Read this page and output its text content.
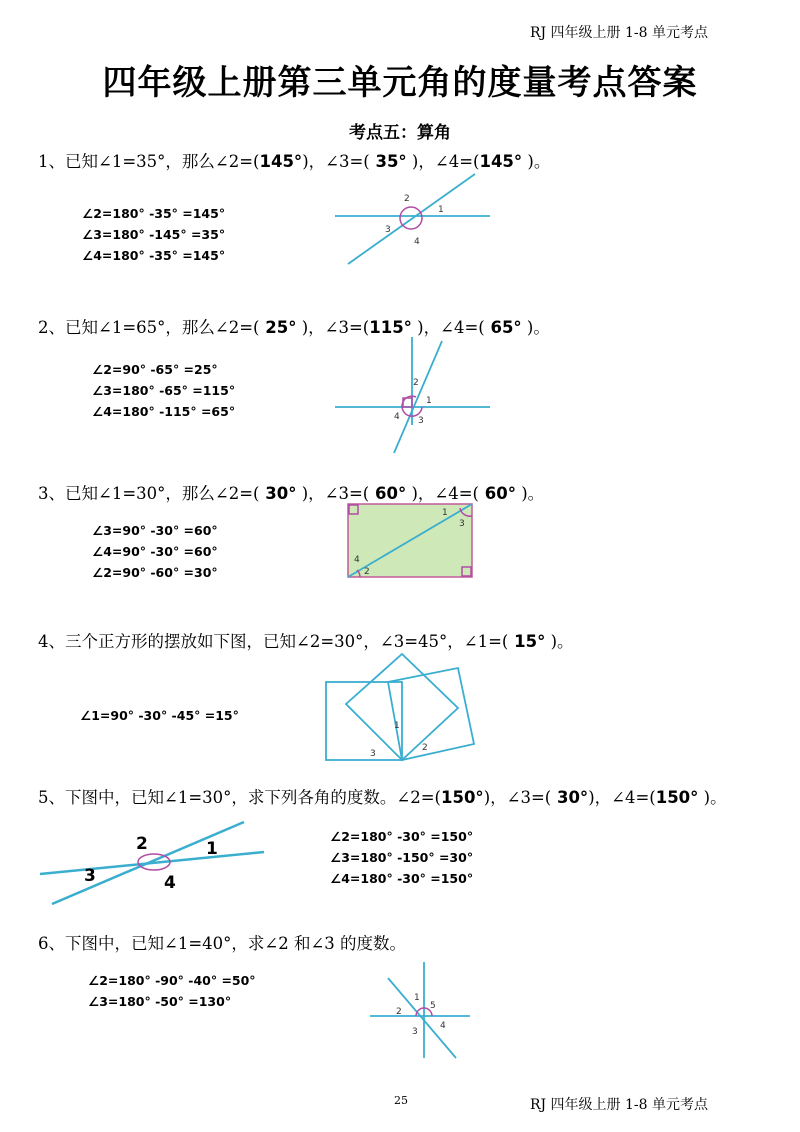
RJ 四年级上册 1-8 单元考点
四年级上册第三单元角的度量考点答案
考点五：算角
1、已知∠1=35°，那么∠2=(145°)，∠3=( 35° )，∠4=(145° )。
∠2=180° -35° =145°
∠3=180° -145° =35°
∠4=180° -35° =145°
1
2
3
4
2、已知∠1=65°，那么∠2=( 25° )，∠3=(115° )，∠4=( 65° )。
∠2=90° -65° =25°
∠3=180° -65° =115°
∠4=180° -115° =65°
1
2
3
4
3、已知∠1=30°，那么∠2=( 30° )，∠3=( 60° )，∠4=( 60° )。
∠3=90° -30° =60°
∠4=90° -30° =60°
∠2=90° -60° =30°
1
2
3
4
4、三个正方形的摆放如下图，已知∠2=30°，∠3=45°，∠1=( 15° )。
∠1=90° -30° -45° =15°
1
2
3
5、下图中，已知∠1=30°，求下列各角的度数。∠2=(150°)，∠3=( 30°)，∠4=(150° )。
∠2=180° -30° =150°
∠3=180° -150° =30°
∠4=180° -30° =150°
1
2
3	4
6、下图中，已知∠1=40°，求∠2 和∠3 的度数。
∠2=180° -90° -40° =50°
∠3=180° -50° =130°	1
2
3
4
5
25	RJ 四年级上册 1-8 单元考点
